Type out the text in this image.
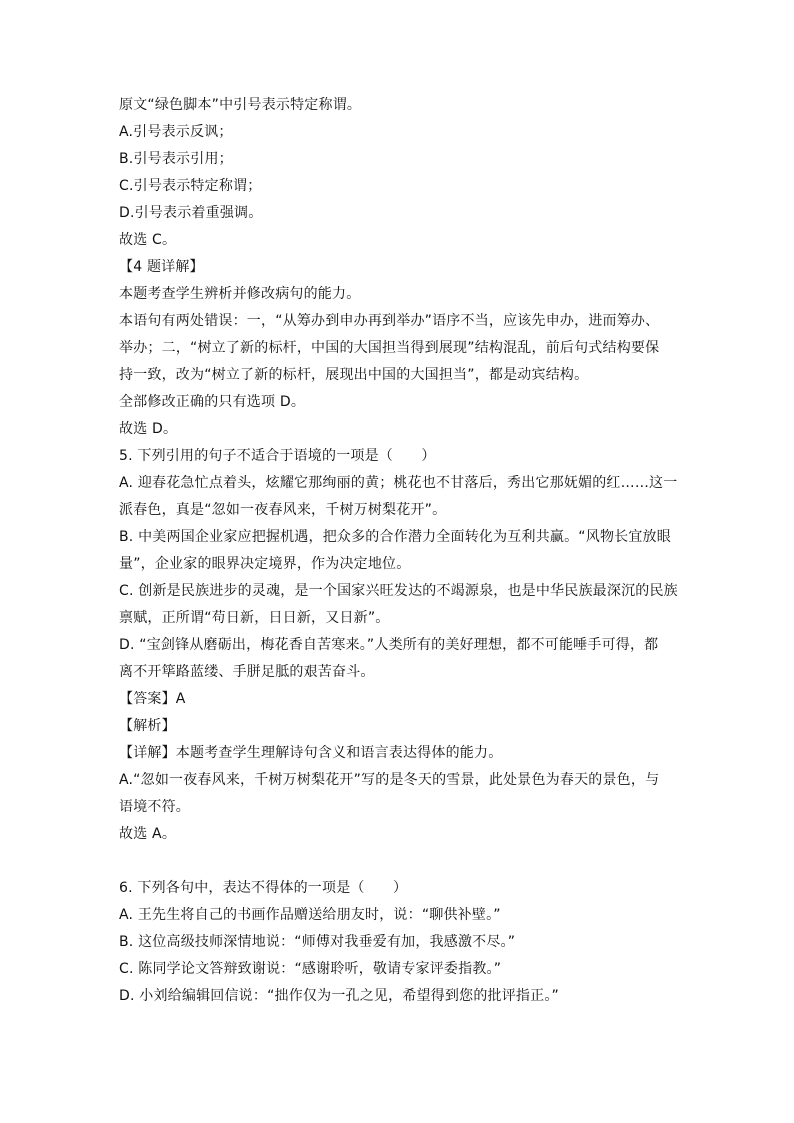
原文“绿色脚本”中引号表示特定称谓。
A.引号表示反讽；
B.引号表示引用；
C.引号表示特定称谓；
D.引号表示着重强调。
故选 C。
【4 题详解】
本题考查学生辨析并修改病句的能力。
本语句有两处错误：一，“从筹办到申办再到举办”语序不当，应该先申办，进而筹办、
举办；二，“树立了新的标杆，中国的大国担当得到展现”结构混乱，前后句式结构要保
持一致，改为“树立了新的标杆，展现出中国的大国担当”，都是动宾结构。
全部修改正确的只有选项 D。
故选 D。
5. 下列引用的句子不适合于语境的一项是（　　）
A. 迎春花急忙点着头，炫耀它那绚丽的黄；桃花也不甘落后，秀出它那妩媚的红……这一
派春色，真是“忽如一夜春风来，千树万树梨花开”。
B. 中美两国企业家应把握机遇，把众多的合作潜力全面转化为互利共赢。“风物长宜放眼
量”，企业家的眼界决定境界，作为决定地位。
C. 创新是民族进步的灵魂，是一个国家兴旺发达的不竭源泉，也是中华民族最深沉的民族
禀赋，正所谓“苟日新，日日新，又日新”。
D. “宝剑锋从磨砺出，梅花香自苦寒来。”人类所有的美好理想，都不可能唾手可得，都
离不开筚路蓝缕、手胼足胝的艰苦奋斗。
【答案】A
【解析】
【详解】本题考查学生理解诗句含义和语言表达得体的能力。
A.“忽如一夜春风来，千树万树梨花开”写的是冬天的雪景，此处景色为春天的景色，与
语境不符。
故选 A。
6. 下列各句中，表达不得体的一项是（　　）
A. 王先生将自己的书画作品赠送给朋友时，说：“聊供补壁。”
B. 这位高级技师深情地说：“师傅对我垂爱有加，我感激不尽。”
C. 陈同学论文答辩致谢说：“感谢聆听，敬请专家评委指教。”
D. 小刘给编辑回信说：“拙作仅为一孔之见，希望得到您的批评指正。”
